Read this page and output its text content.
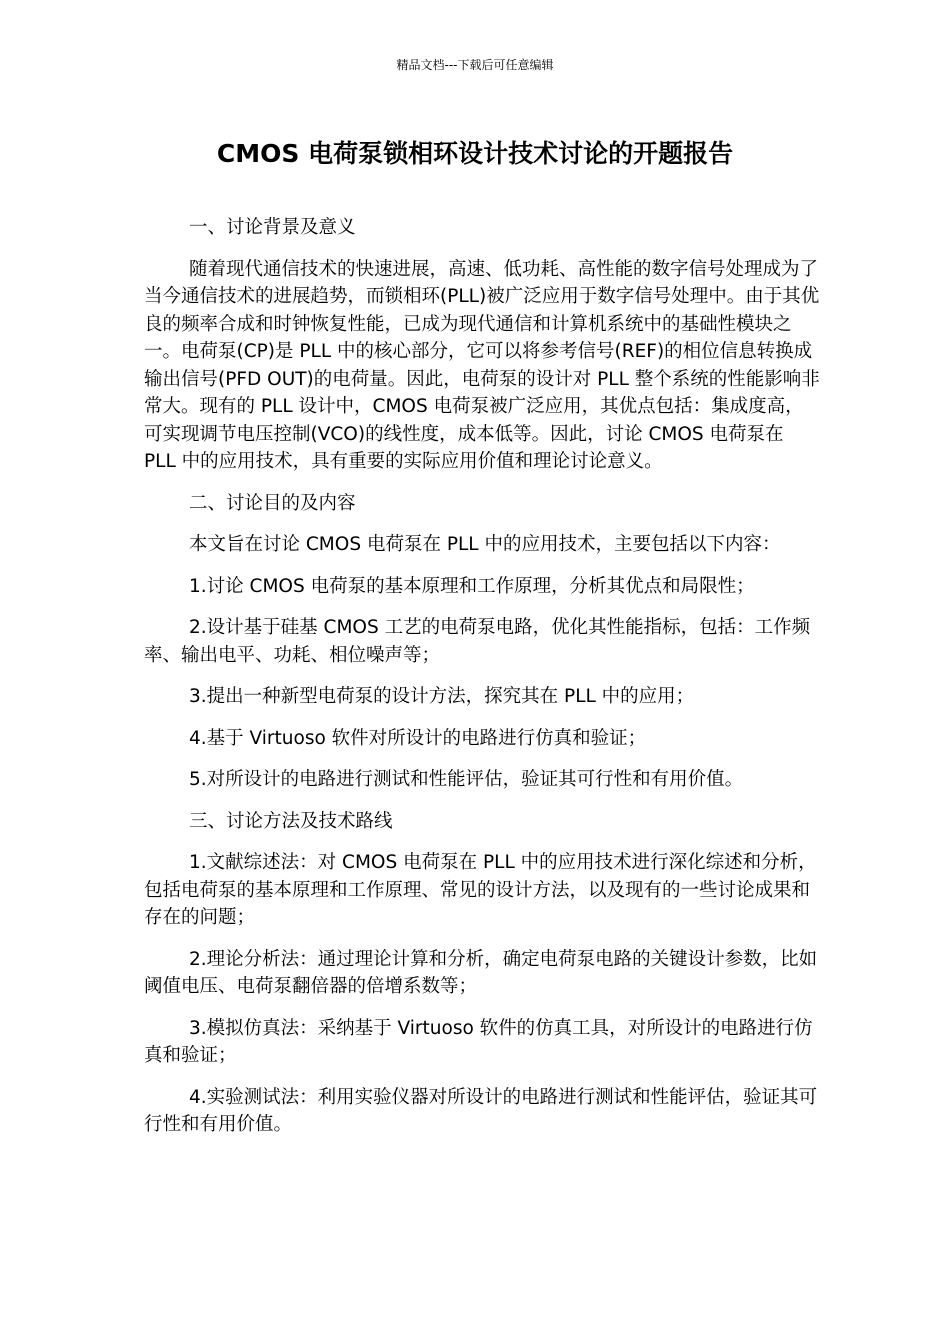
精品文档---下载后可任意编辑
CMOS 电荷泵锁相环设计技术讨论的开题报告

一、讨论背景及意义

随着现代通信技术的快速进展，高速、低功耗、高性能的数字信号处理成为了当今通信技术的进展趋势，而锁相环(PLL)被广泛应用于数字信号处理中。由于其优良的频率合成和时钟恢复性能，已成为现代通信和计算机系统中的基础性模块之一。电荷泵(CP)是 PLL 中的核心部分，它可以将参考信号(REF)的相位信息转换成输出信号(PFD OUT)的电荷量。因此，电荷泵的设计对 PLL 整个系统的性能影响非常大。现有的 PLL 设计中，CMOS 电荷泵被广泛应用，其优点包括：集成度高，可实现调节电压控制(VCO)的线性度，成本低等。因此，讨论 CMOS 电荷泵在 PLL 中的应用技术，具有重要的实际应用价值和理论讨论意义。

二、讨论目的及内容

本文旨在讨论 CMOS 电荷泵在 PLL 中的应用技术，主要包括以下内容：

1.讨论 CMOS 电荷泵的基本原理和工作原理，分析其优点和局限性；

2.设计基于硅基 CMOS 工艺的电荷泵电路，优化其性能指标，包括：工作频率、输出电平、功耗、相位噪声等；

3.提出一种新型电荷泵的设计方法，探究其在 PLL 中的应用；

4.基于 Virtuoso 软件对所设计的电路进行仿真和验证；

5.对所设计的电路进行测试和性能评估，验证其可行性和有用价值。

三、讨论方法及技术路线

1.文献综述法：对 CMOS 电荷泵在 PLL 中的应用技术进行深化综述和分析，包括电荷泵的基本原理和工作原理、常见的设计方法，以及现有的一些讨论成果和存在的问题；

2.理论分析法：通过理论计算和分析，确定电荷泵电路的关键设计参数，比如阈值电压、电荷泵翻倍器的倍增系数等；

3.模拟仿真法：采纳基于 Virtuoso 软件的仿真工具，对所设计的电路进行仿真和验证；

4.实验测试法：利用实验仪器对所设计的电路进行测试和性能评估，验证其可行性和有用价值。
